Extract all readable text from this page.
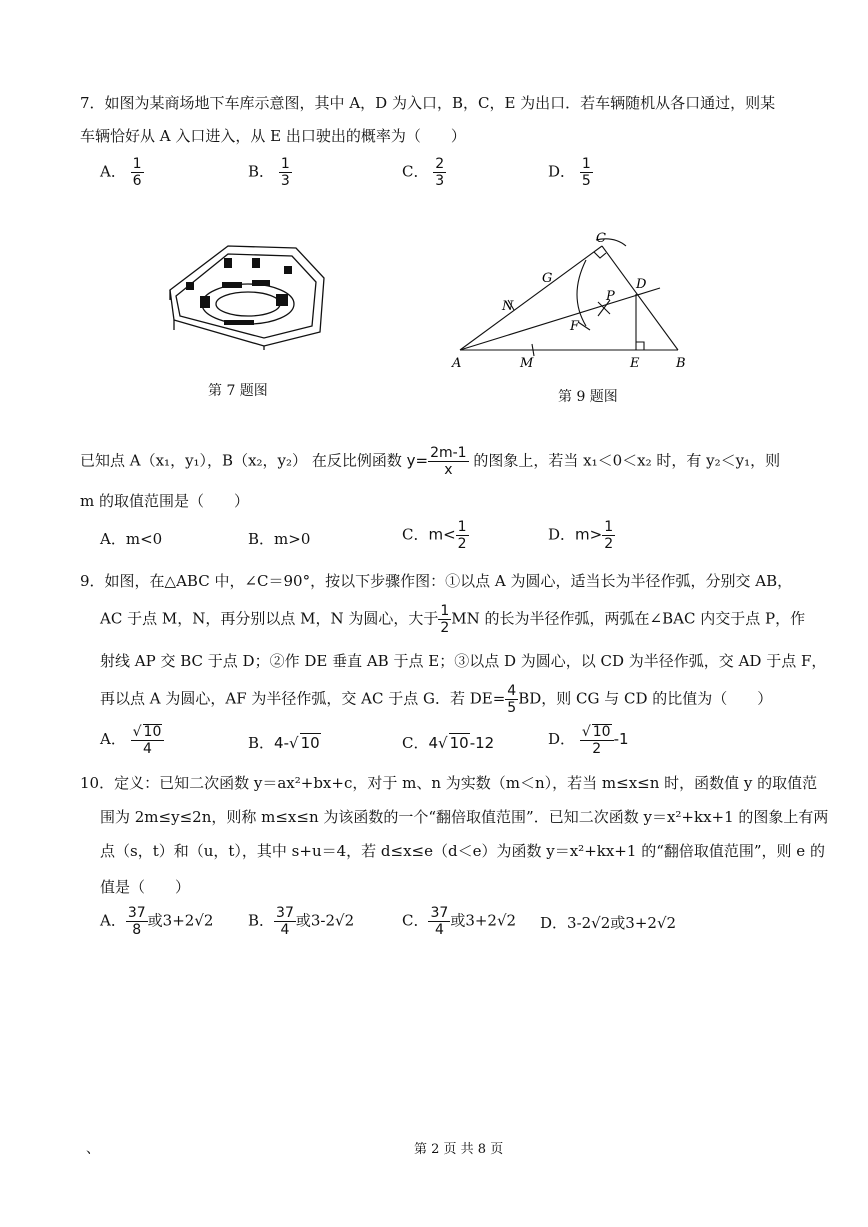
7．如图为某商场地下车库示意图，其中 A，D 为入口，B，C，E 为出口．若车辆随机从各口通过，则某
车辆恰好从 A 入口进入，从 E 出口驶出的概率为（　　）
A． $\frac{1}{6}$	B． $\frac{1}{3}$	C． $\frac{2}{3}$	D． $\frac{1}{5}$
第 7 题图
A	M
N
G
C
F
P
D
E	B
第 9 题图
已知点 A（x₁，y₁），B（x₂，y₂） 在反比例函数 $y= \frac{2m-1}{x}$ 的图象上，若当 x₁＜0＜x₂ 时，有 y₂＜y₁，则
m 的取值范围是（　　）
A．m<0	B．m>0	C．$m< \frac{1}{2}$	D．$m> \frac{1}{2}$
9．如图，在△ABC 中，∠C＝90°，按以下步骤作图：①以点 A 为圆心，适当长为半径作弧，分别交 AB，
AC 于点 M，N，再分别以点 M，N 为圆心，大于 $\frac{1}{2}$ MN 的长为半径作弧，两弧在∠BAC 内交于点 P，作
射线 AP 交 BC 于点 D；②作 DE 垂直 AB 于点 E；③以点 D 为圆心，以 CD 为半径作弧，交 AD 于点 F，
再以点 A 为圆心，AF 为半径作弧，交 AC 于点 G．若 $DE= \frac{4}{5}$ BD，则 CG 与 CD 的比值为（　　）
A． $\frac{√ 10}{4}$	B．4-√ 10	C．4√ 10-12	D． $\frac{√ 10}{2} -1$
10．定义：已知二次函数 y＝ax²+bx+c，对于 m、n 为实数（m＜n），若当 m≤x≤n 时，函数值 y 的取值范
围为 2m≤y≤2n，则称 m≤x≤n 为该函数的一个“翻倍取值范围”．已知二次函数 y＝x²+kx+1 的图象上有两
点（s，t）和（u，t），其中 s+u＝4，若 d≤x≤e（d＜e）为函数 y＝x²+kx+1 的“翻倍取值范围”，则 e 的
值是（　　）
A． $\frac{37}{8}$ 或3+2√2 B． $\frac{37}{4}$ 或3-2√2	C． $\frac{37}{4}$ 或3+2√2 D．3-2√2或3+2√2
、	第 2 页 共 8 页
